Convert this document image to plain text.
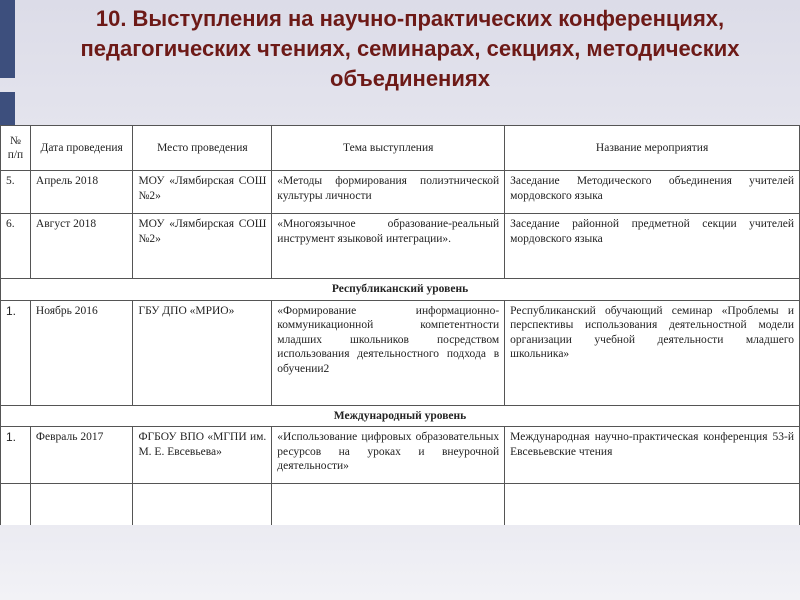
10. Выступления на научно-практических конференциях, педагогических чтениях, семинарах, секциях, методических объединениях
№ п/п	Дата проведения	Место проведения	Тема выступления	Название мероприятия
5.	Апрель 2018	МОУ «Лямбирская СОШ №2»	«Методы формирования полиэтнической культуры личности	Заседание Методического объединения учителей мордовского языка
6.	Август 2018	МОУ «Лямбирская СОШ №2»	«Многоязычное образование-реальный инструмент языковой интеграции».	Заседание районной предметной секции учителей мордовского языка
Республиканский уровень				
1.	Ноябрь 2016	ГБУ ДПО «МРИО»	«Формирование информационно-коммуникационной компетентности младших школьников посредством использования деятельностного подхода в обучении2	Республиканский обучающий семинар «Проблемы и перспективы использования деятельностной модели организации учебной деятельности младшего школьника»
Международный уровень				
1.	Февраль 2017	ФГБОУ ВПО «МГПИ им. М. Е. Евсевьева»	«Использование цифровых образовательных ресурсов на уроках и внеурочной деятельности»	Международная научно-практическая конференция 53-й Евсевьевские чтения
